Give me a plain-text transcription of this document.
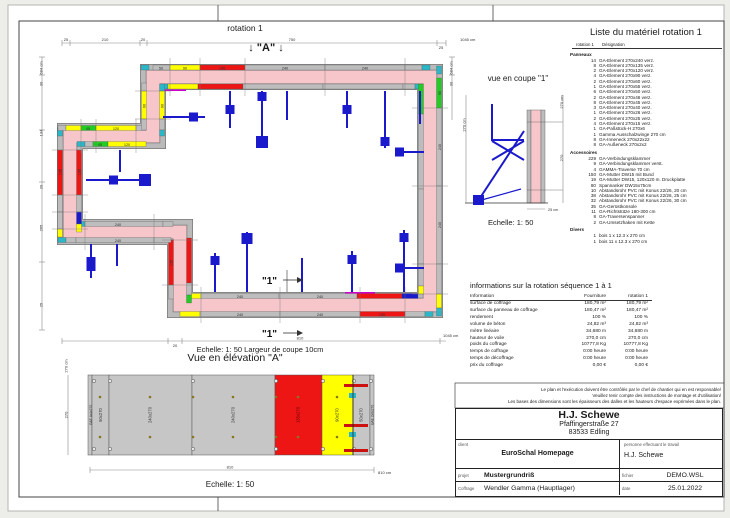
50	90	135	240	240
240
240
90
240	240	135
240	240
240
240
135	135
135
45	120
45	120
90	90
25	210	20	750
25
1045 cm
684 cm
30
134
20
265
25
20
810	1045 cm
684 cm
30
"1"
"1"
270 cm
270 cm
270
25 cm
GAE 4x4x270 50x270	240x270	240x270	135x270	90x270	50x270 GAE 2x6x270
810
810 cm
270 cm
270
rotation 1
↓ "A" ↓
vue en coupe "1"
Echelle: 1: 50
Echelle: 1: 50 Largeur de coupe 10cm
Vue en élévation "A"
Echelle: 1: 50
Liste du matériel rotation 1
rotation 1	Désignation
Panneaux
14 GA-Element 270x240 verz.
8 GA-Element 270x135 verz.
2 GA-Element 270x120 verz.
4 GA-Element 270x90 verz.
2 GA-Element 270x60 verz.
1 GA-Element 270x55 verz.
6 GA-Element 270x50 verz.
2 GA-Element 270x46 verz.
8 GA-Element 270x45 verz.
3 GA-Element 270x40 verz.
1 GA-Element 270x26 verz.
2 GA-Element 270x25 verz.
4 GA-Element 270x15 verz.
1 GA-Paßstück-H 270x6
1 Gamma Ausschalzwinge 270 cm
8 GA-Inneneck 270x22x22
8 GA-Außeneck 270x2x2
Accessoires
229 GA-Verbindungsklammer
9 GA-Verbindungsklammer verst.
4 GAMMA-Traverse 70 cm
150 GA-Mutter DW15 mit Bund
19 GA-Mutter DW15, 120x120 m. Druckplatte
80 Spannanker DW15x75cm
10 Abstandsrohr PVC mit Konus 22/26, 20 cm
38 Abstandsrohr PVC mit Konus 22/26, 25 cm
32 Abstandsrohr PVC mit Konus 22/26, 30 cm
35 GA-Gerüstkonsole
11 GA-Richtstütze 180-300 cm
8 GA-Traversenspanner
2 GA-Umsetzhaken mit Kette
Divers
1 bois 1 x 12.3 x 270 cm
1 bois 11 x 12.3 x 270 cm
informations sur la rotation séquence 1 à 1
Information	Fourniture	rotation 1
surface de coffrage	180,79 m²	180,79 m²
surface du panneau de coffrage	180,47 m²	180,47 m²
rendement	100 %	100 %
volume de béton	24,82 m³	24,82 m³
mètre linéaire	34,680 m	34,680 m
hauteur de voile	270,0 cm	270,0 cm
poids du coffrage	10777,8 Kg	10777,8 Kg
temps de coffrage	0:00 heure	0:00 heure
temps de décoffrage	0:00 heure	0:00 heure
prix du coffrage	0,00 €	0,00 €
Le plan et l'exécution doivent être contrôlés par le chef de chantier qui en est responsable/
Veuillez tenir compte des instructions de montage et d'utilisation/
Les bases des dimensions sont les épaisseurs des dalles et les hauteurs d'espace exprimées dans le plan.
H.J. Schewe
Pfaffingerstraße 27
83533 Edling
client
EuroSchal Homepage
personne effectuant le travail
H.J. Schewe
projet	Mustergrundriß	fichier	DEMO.WSL
Coffrage	Wendler Gamma (Hauptlager)	date	25.01.2022
